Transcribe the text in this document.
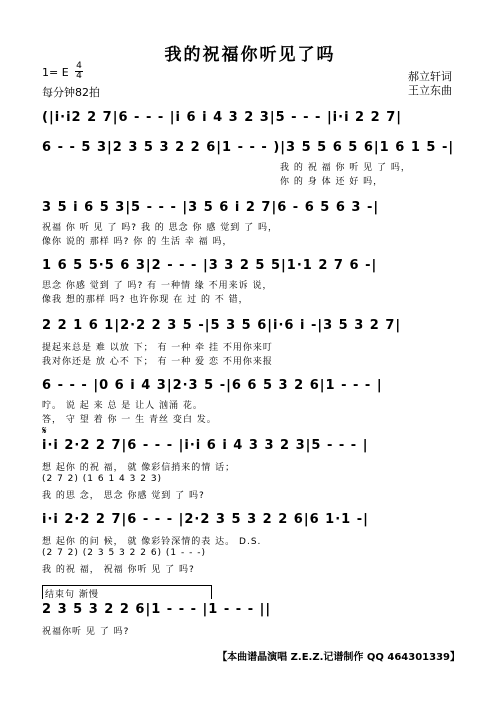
我的祝福你听见了吗
1= E 4
4
每分钟82拍
郝立轩词
王立东曲
(|i·i2 2 7|6 - - - |i 6 i 4 3 2 3|5 - - - |i·i 2 2 7|
6 - - 5 3|2 3 5 3 2 2 6|1 - - - )|3 5 5 6 5 6|1 6 1 5 -|
我 的 祝 福 你 听 见 了 吗，
你 的 身 体 还 好 吗，
3 5 i 6 5 3|5 - - - |3 5 6 i 2 7|6 - 6 5 6 3 -|
祝福 你 听 见 了 吗? 我 的 思念 你 感 觉到 了 吗，
像你 说的 那样 吗? 你 的 生活 幸 福 吗，
1 6 5 5·5 6 3|2 - - - |3 3 2 5 5|1·1 2 7 6 -|
思念 你感 觉到 了 吗? 有 一种情 缘 不用来诉 说，
像我 想的那样 吗? 也许你现 在 过 的 不 错，
2 2 1 6 1|2·2 2 3 5 -|5 3 5 6|i·6 i -|3 5 3 2 7|
提起来总是 难 以放 下； 有 一种 牵 挂 不用你来叮
我对你还是 放 心不 下； 有 一种 爱 恋 不用你来报
6 - - - |0 6 i 4 3|2·3 5 -|6 6 5 3 2 6|1 - - - |
咛。 说 起 来 总 是 让人 汹涌 花。
答， 守 望 着 你 一 生 青丝 变白 发。
𝄋
i·i 2·2 2 7|6 - - - |i·i 6 i 4 3 3 2 3|5 - - - |
想 起你 的祝 福， 就 像彩信捎来的情 话；
(2 7 2) (1 6 1 4 3 2 3)
我 的思 念， 思念 你感 觉到 了 吗?
i·i 2·2 2 7|6 - - - |2·2 3 5 3 2 2 6|6 1·1 -|
想 起你 的问 候， 就 像彩铃深情的表 达。 D.S.
(2 7 2) (2 3 5 3 2 2 6) (1 - - -)
我 的祝 福， 祝福 你听 见 了 吗?
结束句 渐慢
2 3 5 3 2 2 6|1 - - - |1 - - - ||
祝福你听 见 了 吗?
【本曲谱晶演唱 Z.E.Z.记谱制作 QQ 464301339】
